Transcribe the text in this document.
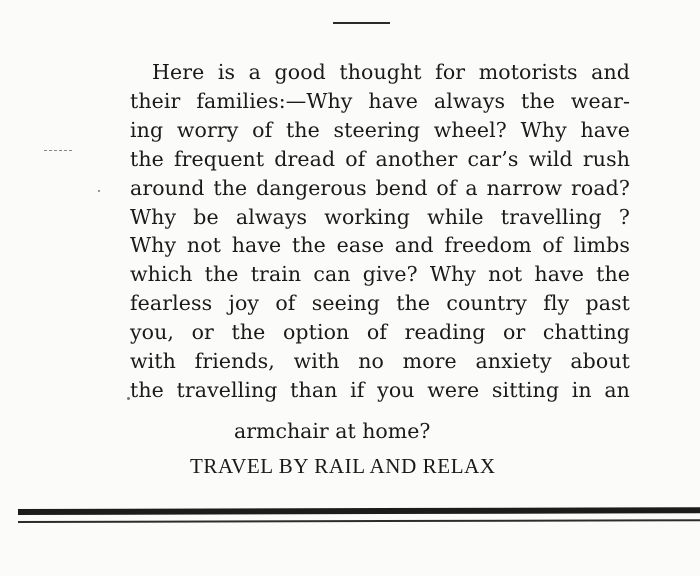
Here is a good thought for motorists and
their families:—Why have always the wear-
ing worry of the steering wheel? Why have
the frequent dread of another car’s wild rush
around the dangerous bend of a narrow road?
Why be always working while travelling ?
Why not have the ease and freedom of limbs
which the train can give? Why not have the
fearless joy of seeing the country fly past
you, or the option of reading or chatting
with friends, with no more anxiety about
the travelling than if you were sitting in an

armchair at home?

TRAVEL BY RAIL AND RELAX
